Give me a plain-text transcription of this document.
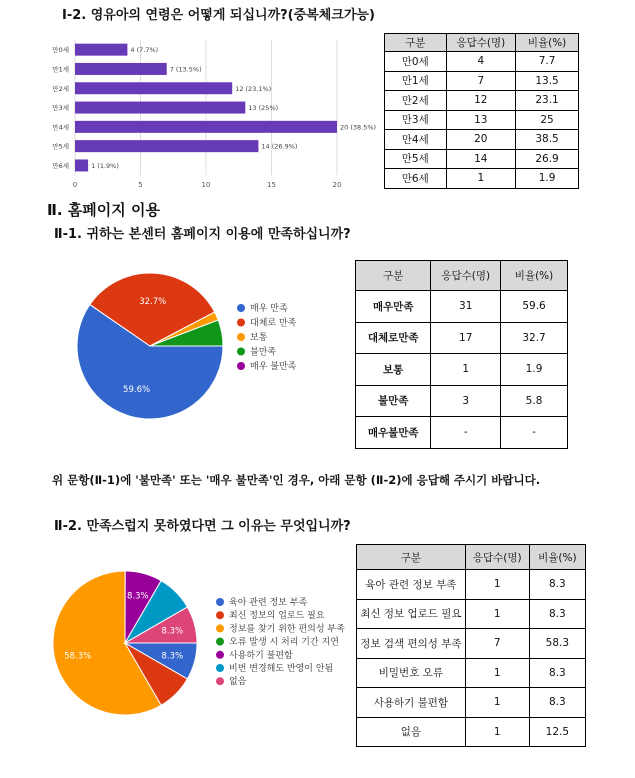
Ⅰ-2. 영유아의 연령은 어떻게 되십니까?(중복체크가능)
0	5	10	15	20
만0세	4 (7.7%)
만1세	7 (13.5%)
만2세	12 (23.1%)
만3세	13 (25%)
만4세	20 (38.5%)
만5세	14 (26.9%)
만6세	1 (1.9%)
구분	응답수(명)	비율(%)
만0세	4	7.7
만1세	7	13.5
만2세	12	23.1
만3세	13	25
만4세	20	38.5
만5세	14	26.9
만6세	1	1.9
Ⅱ. 홈페이지 이용
Ⅱ-1. 귀하는 본센터 홈페이지 이용에 만족하십니까?
59.6%
32.7%
매우 만족
대체로 만족
보통
불만족
매우 불만족
구분	응답수(명)	비율(%)
매우만족	31	59.6
대체로만족	17	32.7
보통	1	1.9
불만족	3	5.8
매우불만족	-	-
위 문항(Ⅱ-1)에 '불만족' 또는 '매우 불만족'인 경우, 아래 문항 (Ⅱ-2)에 응답해 주시기 바랍니다.
Ⅱ-2. 만족스럽지 못하였다면 그 이유는 무엇입니까?
8.3%
58.3%
8.3%
8.3%
육아 관련 정보 부족
최신 정보의 업로드 필요
정보를 찾기 위한 편의성 부족
오류 발생 시 처리 기간 지연
사용하기 불편함
비번 변경해도 반영이 안됨
없음
구분	응답수(명)	비율(%)
육아 관련 정보 부족	1	8.3
최신 정보 업로드 필요	1	8.3
정보 검색 편의성 부족	7	58.3
비밀번호 오류	1	8.3
사용하기 불편함	1	8.3
없음	1	12.5
